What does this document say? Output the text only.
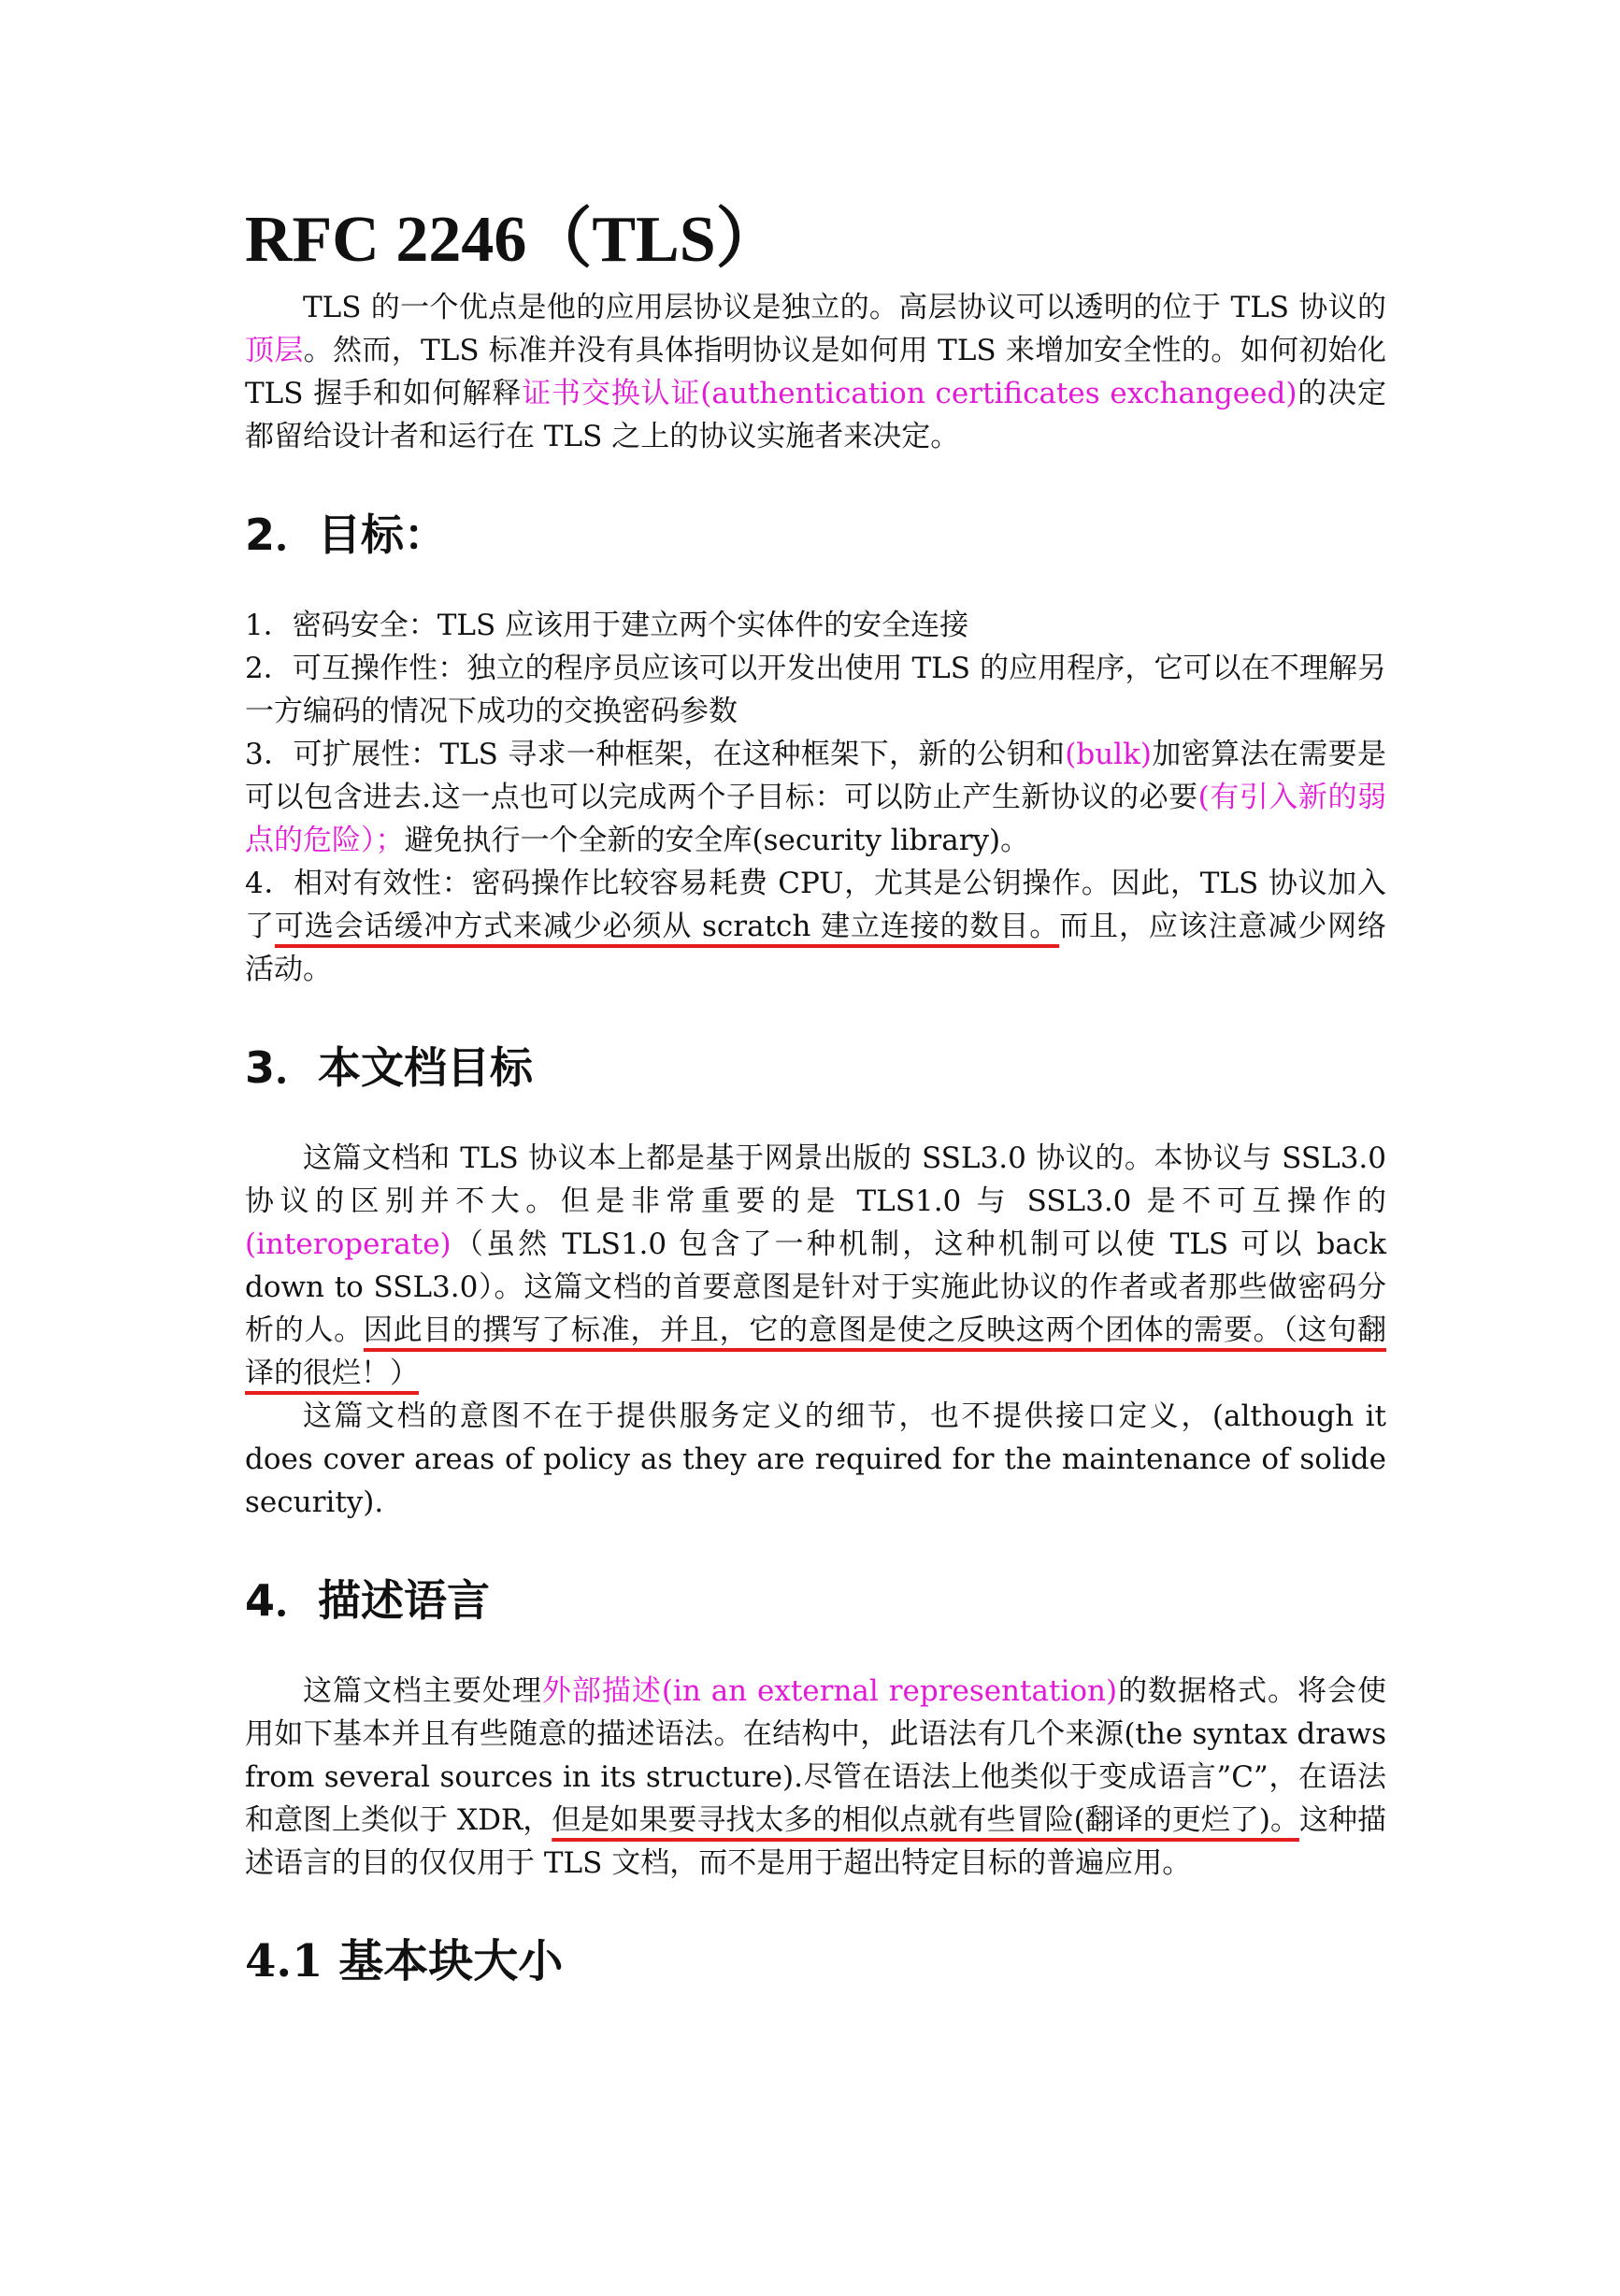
RFC 2246（TLS）

TLS 的一个优点是他的应用层协议是独立的。高层协议可以透明的位于 TLS 协议的顶层。然而，TLS 标准并没有具体指明协议是如何用 TLS 来增加安全性的。如何初始化 TLS 握手和如何解释证书交换认证(authentication certificates exchangeed)的决定都留给设计者和运行在 TLS 之上的协议实施者来决定。

2．目标：
1．密码安全：TLS 应该用于建立两个实体件的安全连接
2．可互操作性：独立的程序员应该可以开发出使用 TLS 的应用程序，它可以在不理解另一方编码的情况下成功的交换密码参数
3．可扩展性：TLS 寻求一种框架，在这种框架下，新的公钥和(bulk)加密算法在需要是可以包含进去.这一点也可以完成两个子目标：可以防止产生新协议的必要(有引入新的弱点的危险）；避免执行一个全新的安全库(security library)。
4．相对有效性：密码操作比较容易耗费 CPU，尤其是公钥操作。因此，TLS 协议加入了可选会话缓冲方式来减少必须从 scratch 建立连接的数目。而且，应该注意减少网络活动。
3．本文档目标

这篇文档和 TLS 协议本上都是基于网景出版的 SSL3.0 协议的。本协议与 SSL3.0 协议的区别并不大。但是非常重要的是 TLS1.0 与 SSL3.0 是不可互操作的(interoperate)（虽然 TLS1.0 包含了一种机制，这种机制可以使 TLS 可以 back down to SSL3.0）。这篇文档的首要意图是针对于实施此协议的作者或者那些做密码分析的人。因此目的撰写了标准，并且，它的意图是使之反映这两个团体的需要。（这句翻译的很烂！）

这篇文档的意图不在于提供服务定义的细节，也不提供接口定义，(although it does cover areas of policy as they are required for the maintenance of solide security).

4．描述语言

这篇文档主要处理外部描述(in an external representation)的数据格式。将会使用如下基本并且有些随意的描述语法。在结构中，此语法有几个来源(the syntax draws from several sources in its structure).尽管在语法上他类似于变成语言”C”，在语法和意图上类似于 XDR，但是如果要寻找太多的相似点就有些冒险(翻译的更烂了)。这种描述语言的目的仅仅用于 TLS 文档，而不是用于超出特定目标的普遍应用。

4.1 基本块大小
